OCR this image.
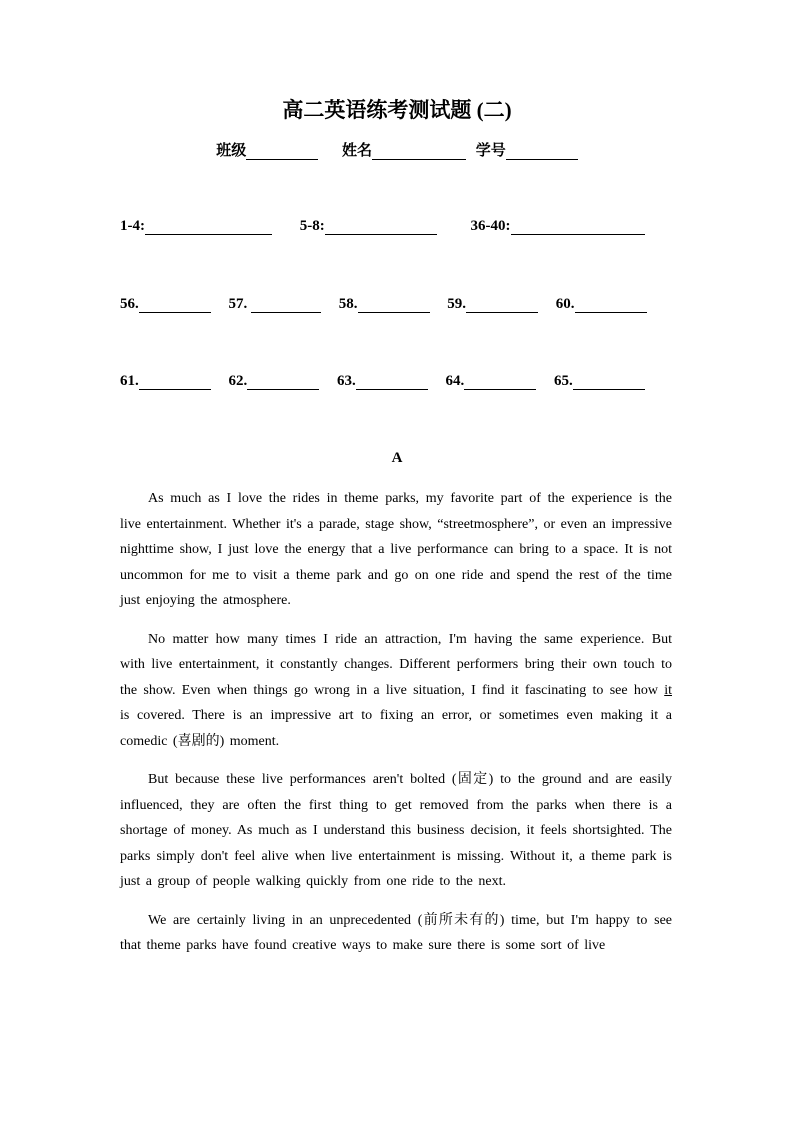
高二英语练考测试题 (二)
班级	姓名	学号
1-4:	5-8:	36-40:
56.	57.	58.	59.	60.
61.	62.	63.	64.	65.
A

As much as I love the rides in theme parks, my favorite part of the experience is the live entertainment. Whether it's a parade, stage show, “streetmosphere”, or even an impressive nighttime show, I just love the energy that a live performance can bring to a space. It is not uncommon for me to visit a theme park and go on one ride and spend the rest of the time just enjoying the atmosphere.

No matter how many times I ride an attraction, I'm having the same experience. But with live entertainment, it constantly changes. Different performers bring their own touch to the show. Even when things go wrong in a live situation, I find it fascinating to see how it is covered. There is an impressive art to fixing an error, or sometimes even making it a comedic (喜剧的) moment.

But because these live performances aren't bolted (固定) to the ground and are easily influenced, they are often the first thing to get removed from the parks when there is a shortage of money. As much as I understand this business decision, it feels shortsighted. The parks simply don't feel alive when live entertainment is missing. Without it, a theme park is just a group of people walking quickly from one ride to the next.

We are certainly living in an unprecedented (前所未有的) time, but I'm happy to see that theme parks have found creative ways to make sure there is some sort of live
